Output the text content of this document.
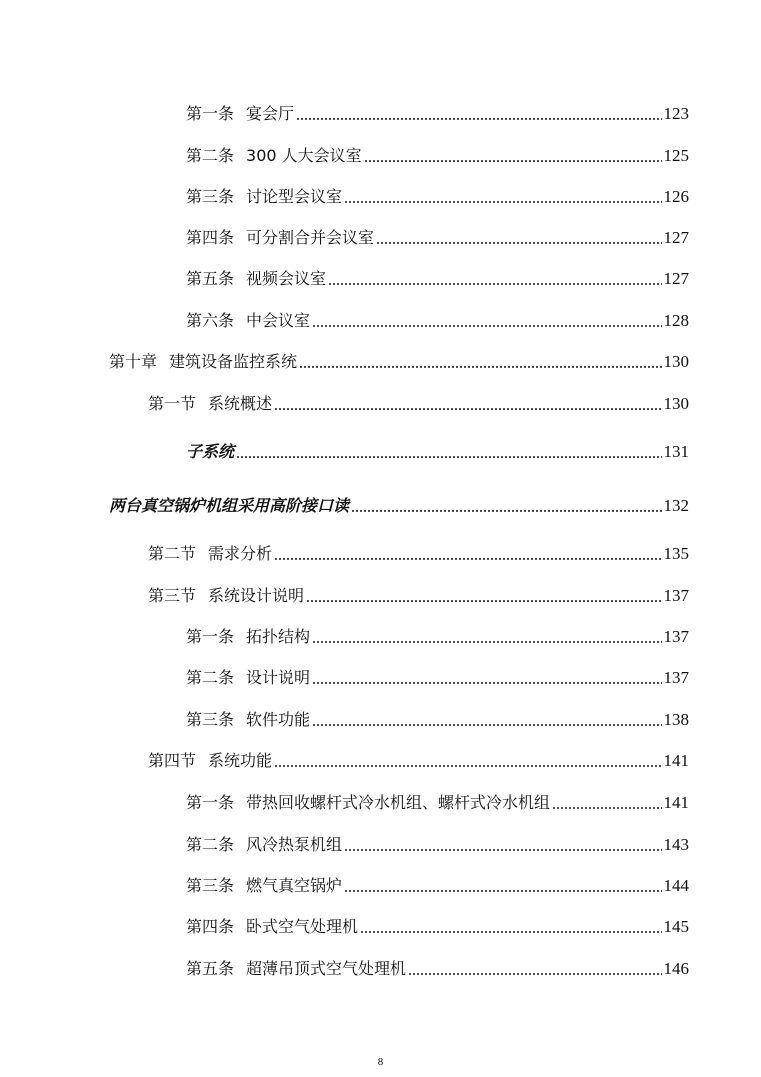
第一条 宴会厅	123
第二条 300 人大会议室	125
第三条 讨论型会议室	126
第四条 可分割合并会议室	127
第五条 视频会议室	127
第六条 中会议室	128
第十章 建筑设备监控系统	130
第一节 系统概述	130
子系统	131
两台真空锅炉机组采用高阶接口读	132
第二节 需求分析	135
第三节 系统设计说明	137
第一条 拓扑结构	137
第二条 设计说明	137
第三条 软件功能	138
第四节 系统功能	141
第一条 带热回收螺杆式冷水机组、螺杆式冷水机组	141
第二条 风冷热泵机组	143
第三条 燃气真空锅炉	144
第四条 卧式空气处理机	145
第五条 超薄吊顶式空气处理机	146
8
